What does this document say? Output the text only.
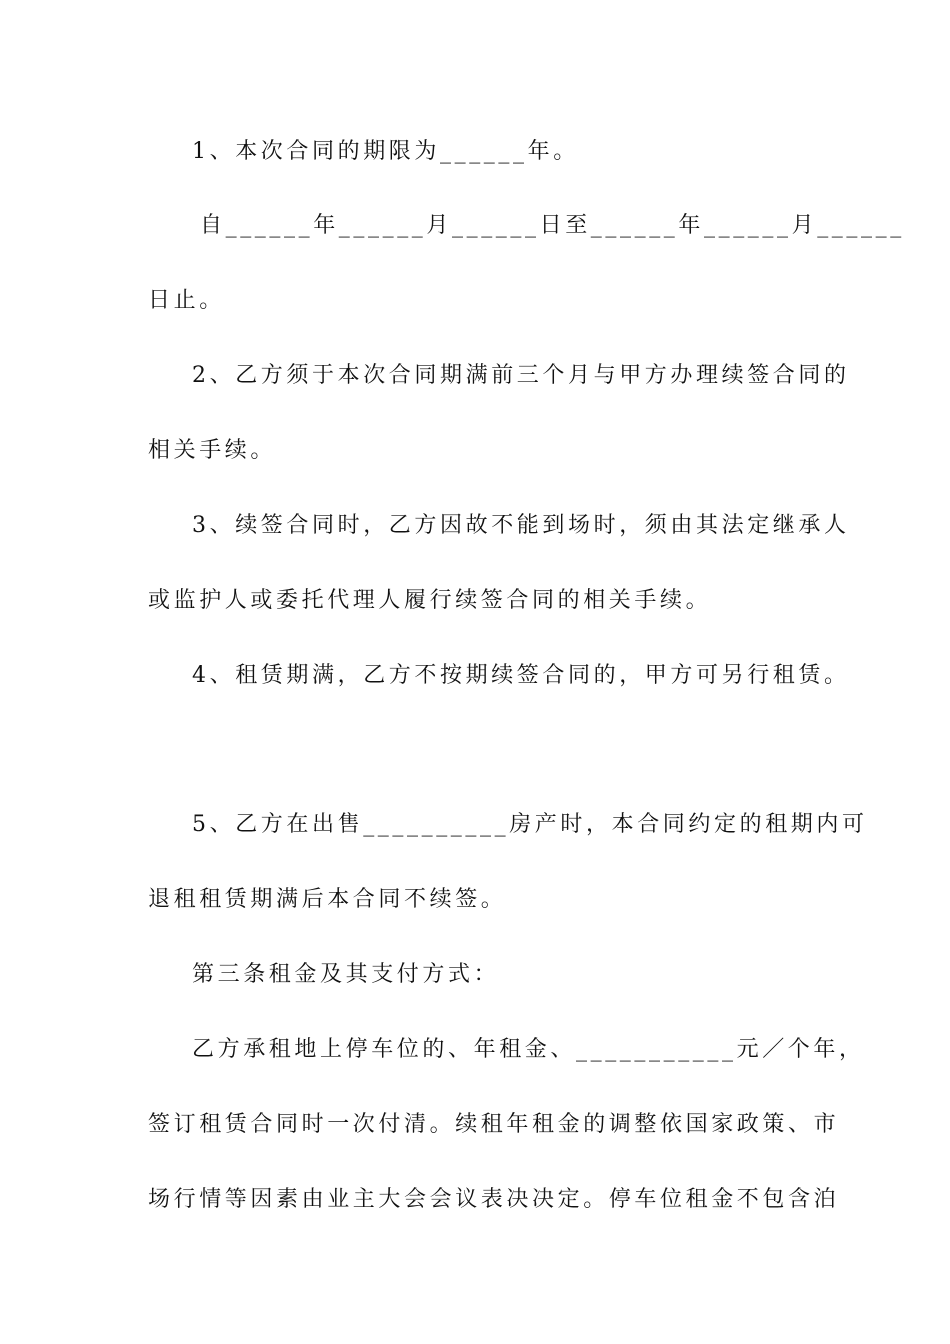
1、本次合同的期限为______年。
自______年______月______日至______年______月______
日止。
2、乙方须于本次合同期满前三个月与甲方办理续签合同的
相关手续。
3、续签合同时，乙方因故不能到场时，须由其法定继承人
或监护人或委托代理人履行续签合同的相关手续。
4、租赁期满，乙方不按期续签合同的，甲方可另行租赁。
5、乙方在出售__________房产时，本合同约定的租期内可
退租租赁期满后本合同不续签。
第三条租金及其支付方式：
乙方承租地上停车位的、年租金、___________元／个年，
签订租赁合同时一次付清。续租年租金的调整依国家政策、市
场行情等因素由业主大会会议表决决定。停车位租金不包含泊
